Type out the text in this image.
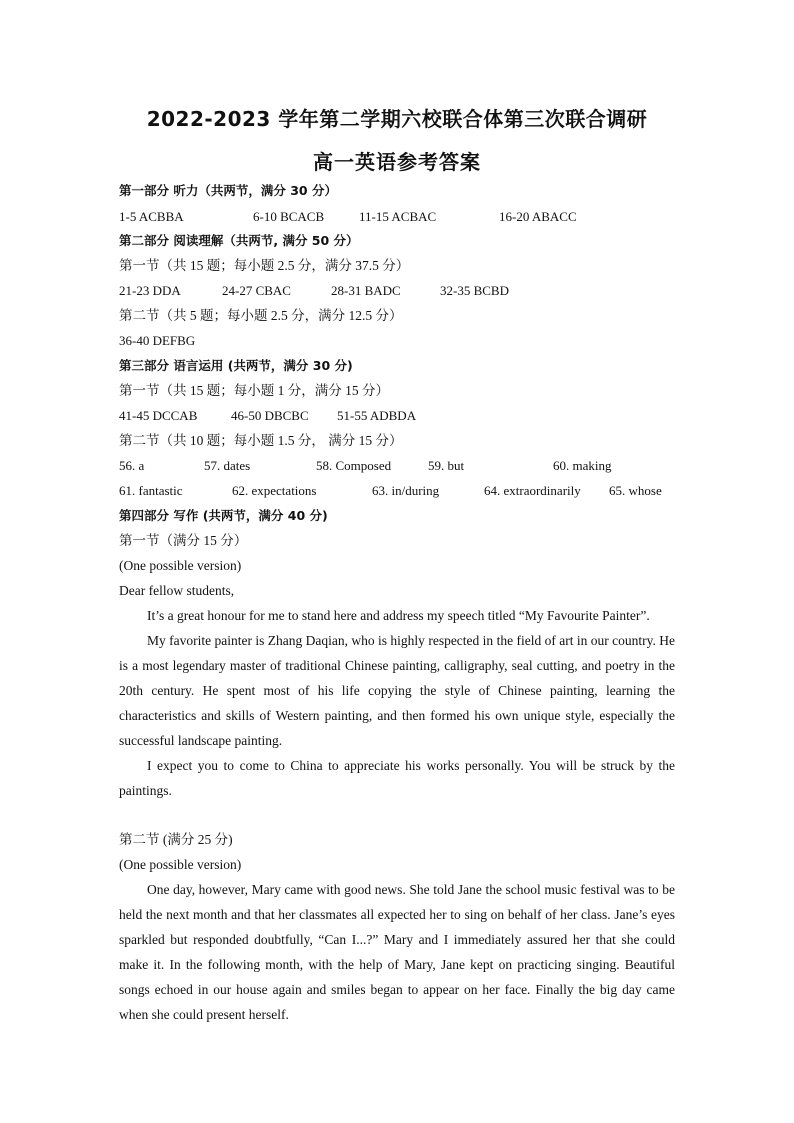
2022-2023 学年第二学期六校联合体第三次联合调研
高一英语参考答案
第一部分 听力（共两节，满分 30 分）
1-5 ACBBA	6-10 BCACB	11-15 ACBAC	16-20 ABACC
第二部分 阅读理解（共两节, 满分 50 分）
第一节（共 15 题；每小题 2.5 分，满分 37.5 分）
21-23 DDA	24-27 CBAC	28-31 BADC	32-35 BCBD
第二节（共 5 题；每小题 2.5 分，满分 12.5 分）
36-40 DEFBG
第三部分 语言运用 (共两节，满分 30 分)
第一节（共 15 题；每小题 1 分，满分 15 分）
41-45 DCCAB	46-50 DBCBC 51-55 ADBDA
第二节（共 10 题；每小题 1.5 分， 满分 15 分）
56. a	57. dates	58. Composed	59. but	60. making
61. fantastic	62. expectations	63. in/during	64. extraordinarily 65. whose
第四部分 写作 (共两节，满分 40 分)
第一节（满分 15 分）
(One possible version)
Dear fellow students,
It’s a great honour for me to stand here and address my speech titled “My Favourite Painter”.
My favorite painter is Zhang Daqian, who is highly respected in the field of art in our country. He is a most legendary master of traditional Chinese painting, calligraphy, seal cutting, and poetry in the 20th century. He spent most of his life copying the style of Chinese painting, learning the characteristics and skills of Western painting, and then formed his own unique style, especially the successful landscape painting.
I expect you to come to China to appreciate his works personally. You will be struck by the paintings.
第二节 (满分 25 分)
(One possible version)
One day, however, Mary came with good news. She told Jane the school music festival was to be held the next month and that her classmates all expected her to sing on behalf of her class. Jane’s eyes sparkled but responded doubtfully, “Can I...?” Mary and I immediately assured her that she could make it. In the following month, with the help of Mary, Jane kept on practicing singing. Beautiful songs echoed in our house again and smiles began to appear on her face. Finally the big day came when she could present herself.
